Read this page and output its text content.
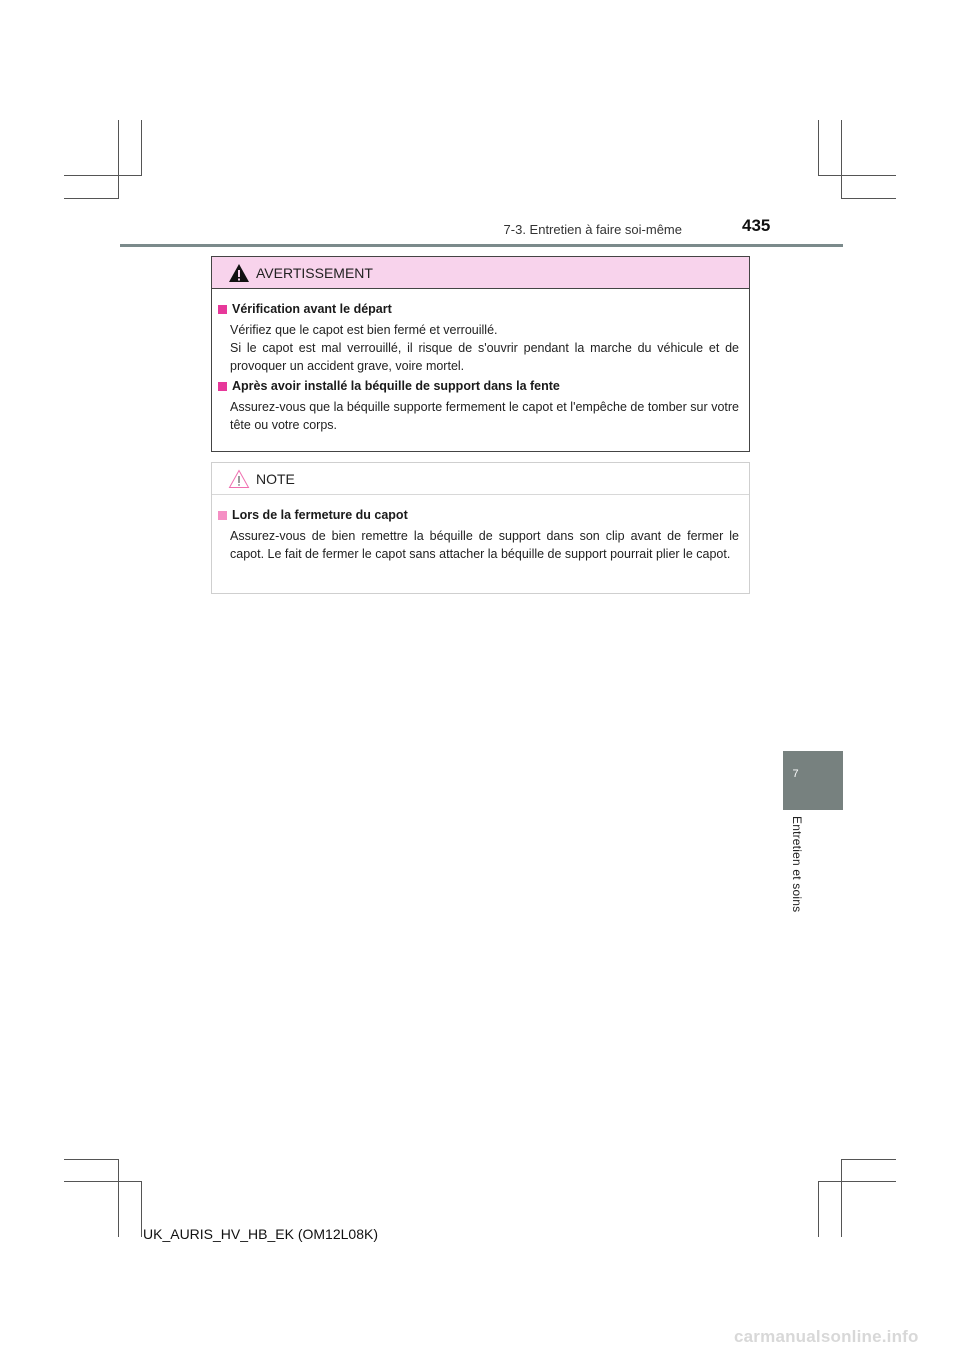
7-3. Entretien à faire soi-même	435
AVERTISSEMENT
Vérification avant le départ
Vérifiez que le capot est bien fermé et verrouillé.
Si le capot est mal verrouillé, il risque de s'ouvrir pendant la marche du véhicule et de provoquer un accident grave, voire mortel.
Après avoir installé la béquille de support dans la fente
Assurez-vous que la béquille supporte fermement le capot et l'empêche de tomber sur votre tête ou votre corps.
NOTE
Lors de la fermeture du capot
Assurez-vous de bien remettre la béquille de support dans son clip avant de fermer le capot. Le fait de fermer le capot sans attacher la béquille de support pourrait plier le capot.
7
Entretien et soins
UK_AURIS_HV_HB_EK (OM12L08K)
carmanualsonline.info
